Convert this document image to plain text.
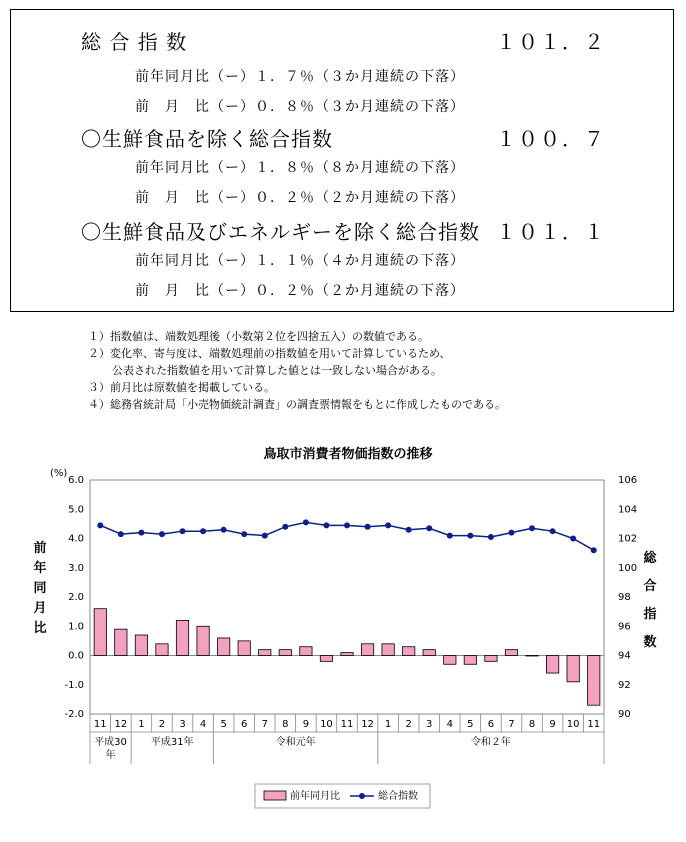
総 合 指 数	１０１．２
前年同月比（ー）１．７％（３か月連続の下落）
前　月　比（ー）０．８％（３か月連続の下落）
〇生鮮食品を除く総合指数	１００．７
前年同月比（ー）１．８％（８か月連続の下落）
前　月　比（ー）０．２％（２か月連続の下落）
〇生鮮食品及びエネルギーを除く総合指数 １０１．１
前年同月比（ー）１．１％（４か月連続の下落）
前　月　比（ー）０．２％（２か月連続の下落）
１）指数値は、端数処理後（小数第２位を四捨五入）の数値である。
２）変化率、寄与度は、端数処理前の指数値を用いて計算しているため、
公表された指数値を用いて計算した値とは一致しない場合がある。
３）前月比は原数値を掲載している。
４）総務省統計局「小売物価統計調査」の調査票情報をもとに作成したものである。
鳥取市消費者物価指数の推移
(%)
前
年
同
月
比
総
合
指
数
6.0
5.0
4.0
3.0
2.0
1.0
0.0
-1.0
-2.0
106
104
102
100
98
96
94
92
90
11 12 1 2 3 4 5 6 7 8 9 10 11 12 1 2 3 4 5 6 7 8 9 10 11
平成30
年
平成31年	令和元年	令和２年
前年同月比	総合指数
